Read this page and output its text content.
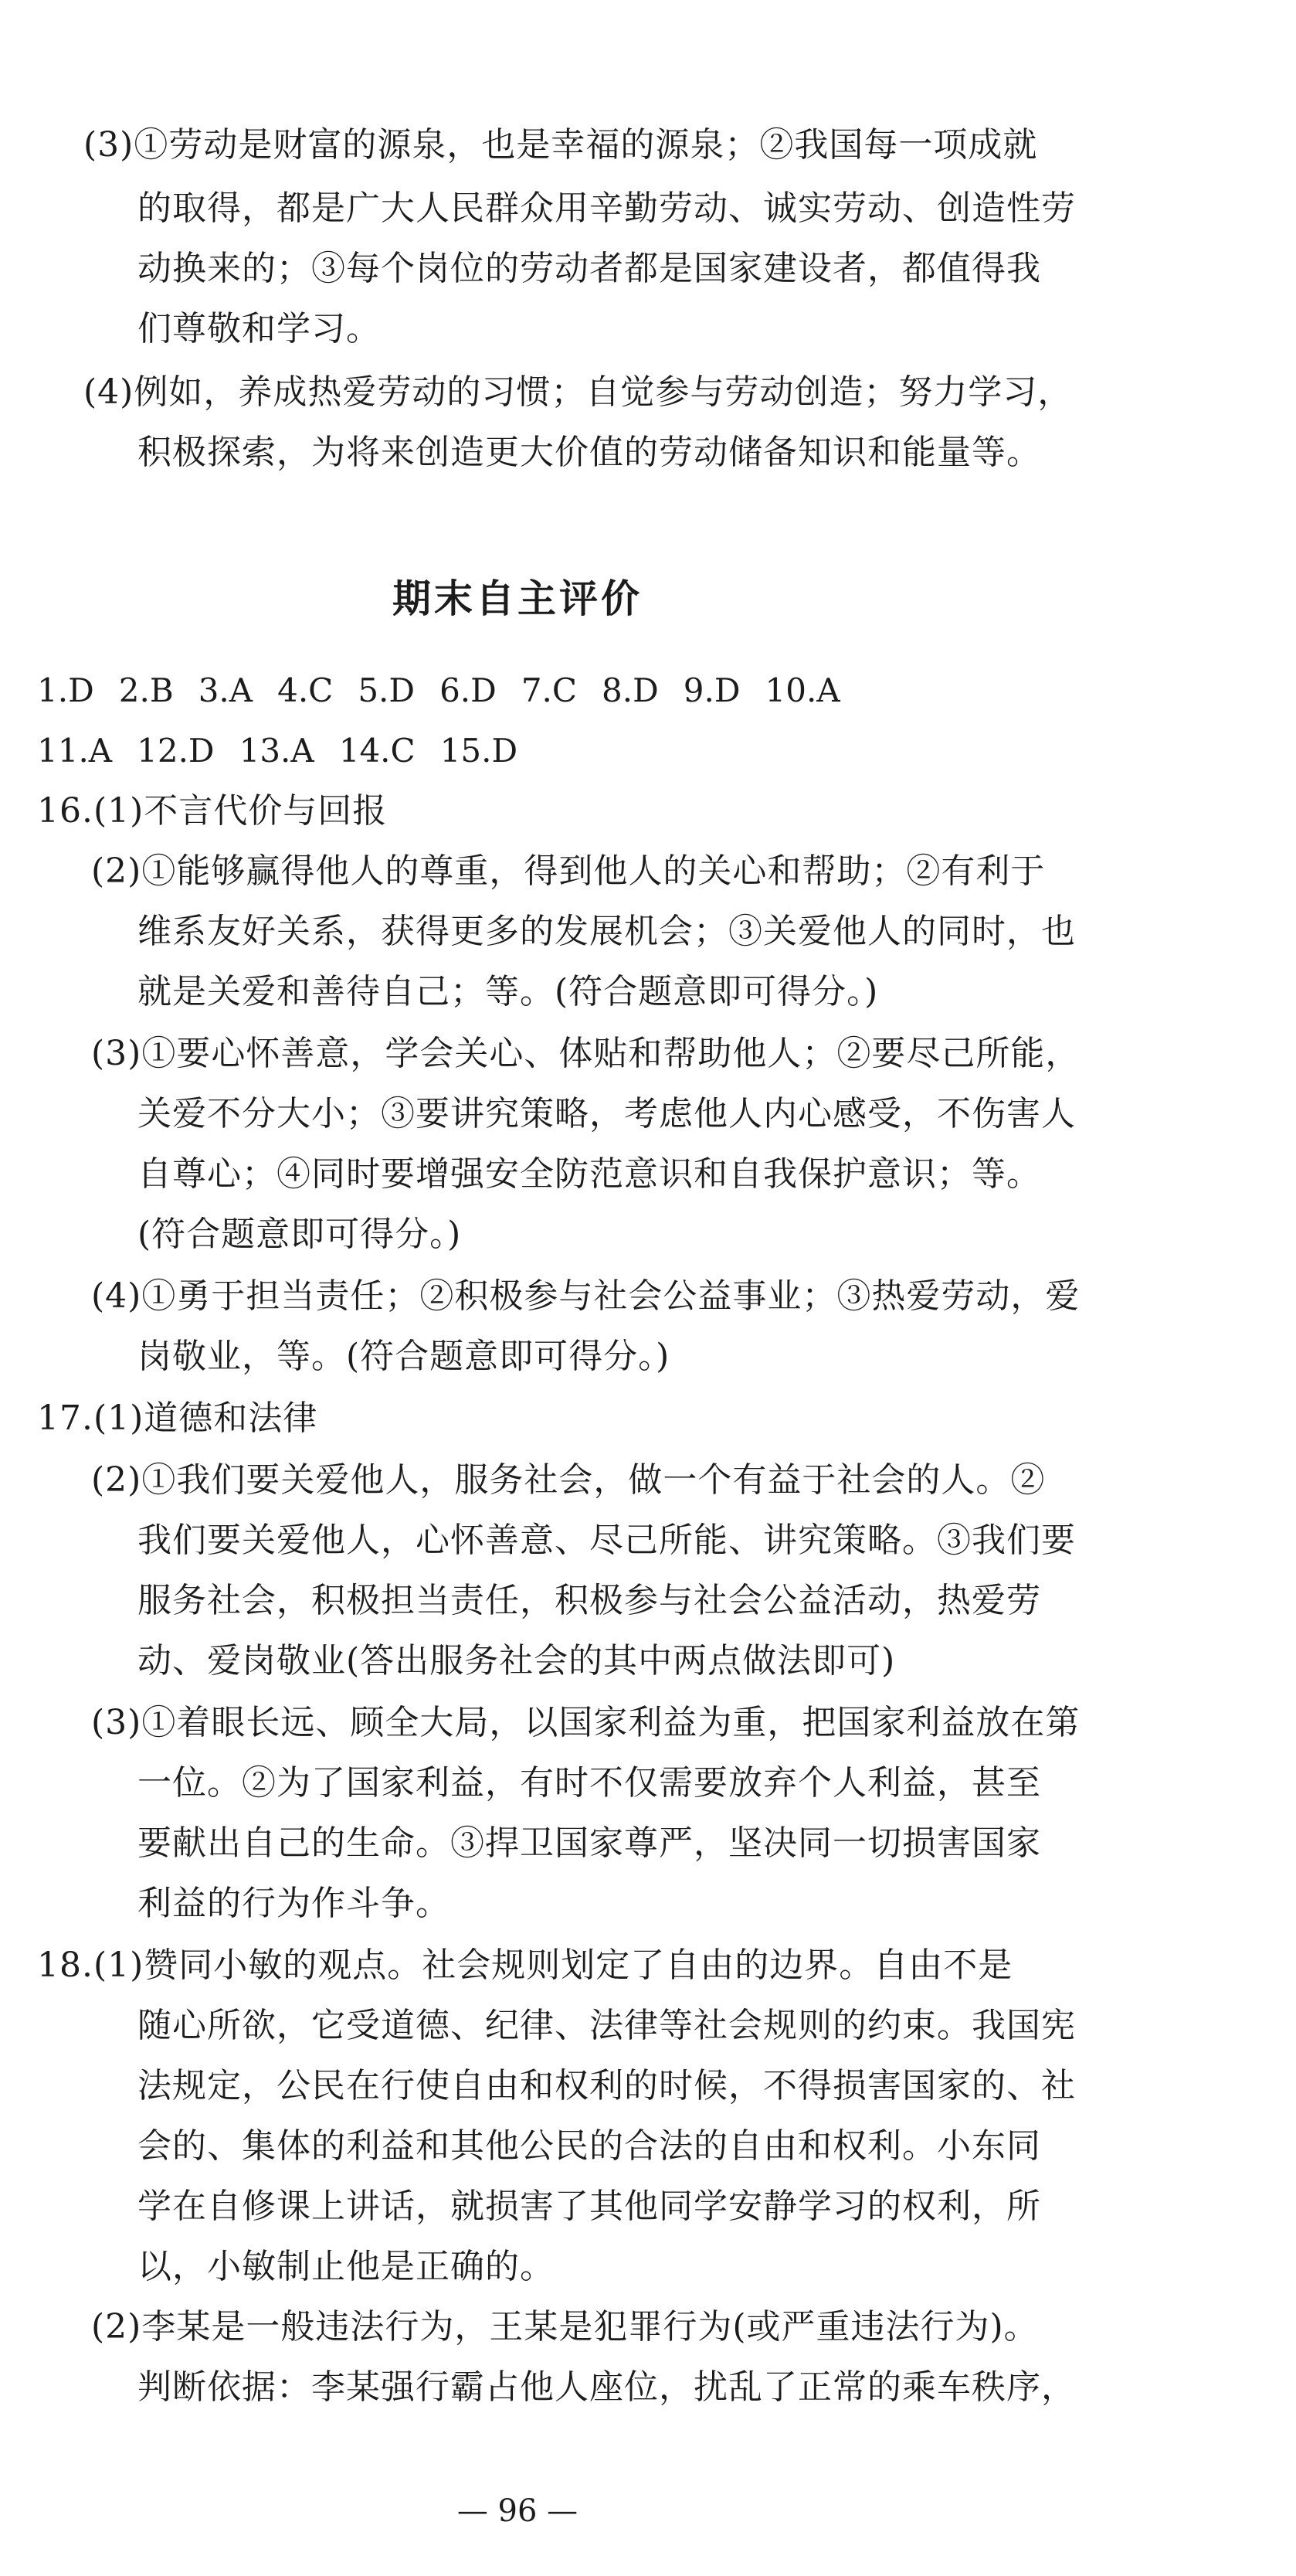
(3)①劳动是财富的源泉，也是幸福的源泉；②我国每一项成就
的取得，都是广大人民群众用辛勤劳动、诚实劳动、创造性劳
动换来的；③每个岗位的劳动者都是国家建设者，都值得我
们尊敬和学习。
(4)例如，养成热爱劳动的习惯；自觉参与劳动创造；努力学习，
积极探索，为将来创造更大价值的劳动储备知识和能量等。
期末自主评价
1.D 2.B 3.A 4.C 5.D 6.D 7.C 8.D 9.D 10.A
11.A 12.D 13.A 14.C 15.D
16.(1)不言代价与回报
(2)①能够赢得他人的尊重，得到他人的关心和帮助；②有利于
维系友好关系，获得更多的发展机会；③关爱他人的同时，也
就是关爱和善待自己；等。(符合题意即可得分。)
(3)①要心怀善意，学会关心、体贴和帮助他人；②要尽己所能，
关爱不分大小；③要讲究策略，考虑他人内心感受，不伤害人
自尊心；④同时要增强安全防范意识和自我保护意识；等。
(符合题意即可得分。)
(4)①勇于担当责任；②积极参与社会公益事业；③热爱劳动，爱
岗敬业，等。(符合题意即可得分。)
17.(1)道德和法律
(2)①我们要关爱他人，服务社会，做一个有益于社会的人。②
我们要关爱他人，心怀善意、尽己所能、讲究策略。③我们要
服务社会，积极担当责任，积极参与社会公益活动，热爱劳
动、爱岗敬业(答出服务社会的其中两点做法即可)
(3)①着眼长远、顾全大局，以国家利益为重，把国家利益放在第
一位。②为了国家利益，有时不仅需要放弃个人利益，甚至
要献出自己的生命。③捍卫国家尊严，坚决同一切损害国家
利益的行为作斗争。
18.(1)赞同小敏的观点。社会规则划定了自由的边界。自由不是
随心所欲，它受道德、纪律、法律等社会规则的约束。我国宪
法规定，公民在行使自由和权利的时候，不得损害国家的、社
会的、集体的利益和其他公民的合法的自由和权利。小东同
学在自修课上讲话，就损害了其他同学安静学习的权利，所
以，小敏制止他是正确的。
(2)李某是一般违法行为，王某是犯罪行为(或严重违法行为)。
判断依据：李某强行霸占他人座位，扰乱了正常的乘车秩序，
— 96 —
